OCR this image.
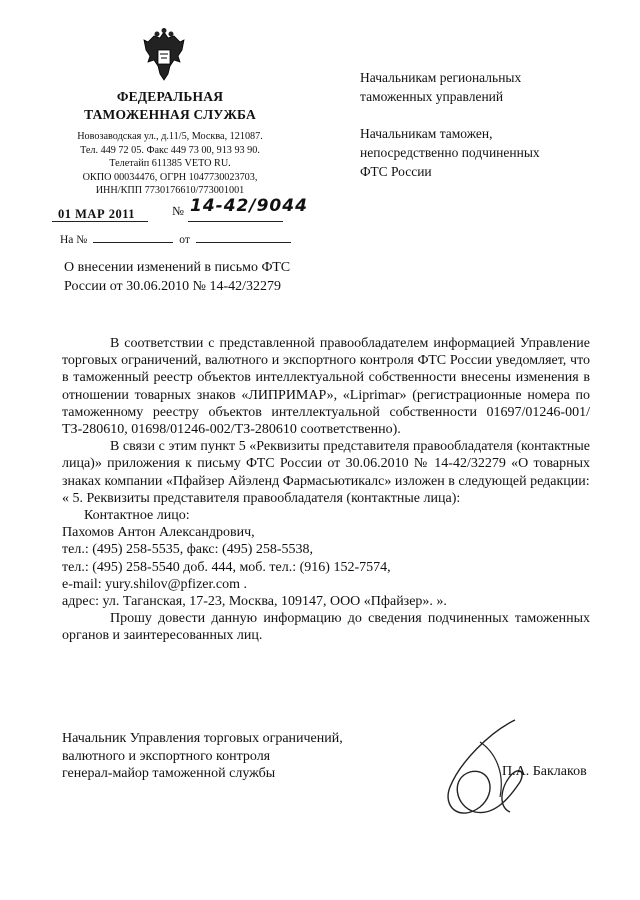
ФЕДЕРАЛЬНАЯ
ТАМОЖЕННАЯ СЛУЖБА
Новозаводская ул., д.11/5, Москва, 121087.
Тел. 449 72 05. Факс 449 73 00, 913 93 90.
Телетайп 611385 VETO RU.
ОКПО 00034476, ОГРН 1047730023703,
ИНН/КПП 7730176610/773001001
01 МАР 2011	№ 14-42/9044
На №	от
Начальникам региональных
таможенных управлений
Начальникам таможен,
непосредственно подчиненных
ФТС России
О внесении изменений в письмо ФТС
России от 30.06.2010 № 14-42/32279

В соответствии с представленной правообладателем информацией Управление торговых ограничений, валютного и экспортного контроля ФТС России уведомляет, что в таможенный реестр объектов интеллектуальной собственности внесены изменения в отношении товарных знаков «ЛИПРИМАР», «Liprimar» (регистрационные номера по таможенному реестру объектов интеллектуальной собственности 01697/01246-001/ТЗ-280610, 01698/01246-002/ТЗ-280610 соответственно).

В связи с этим пункт 5 «Реквизиты представителя правообладателя (контактные лица)» приложения к письму ФТС России от 30.06.2010 № 14-42/32279 «О товарных знаках компании «Пфайзер Айэленд Фармасьютикалс» изложен в следующей редакции:

« 5. Реквизиты представителя правообладателя (контактные лица):
Контактное лицо:
Пахомов Антон Александрович,
тел.: (495) 258-5535, факс: (495) 258-5538,
тел.: (495) 258-5540 доб. 444, моб. тел.: (916) 152-7574,
e-mail: yury.shilov@pfizer.com .
адрес: ул. Таганская, 17-23, Москва, 109147, ООО «Пфайзер». ».

Прошу довести данную информацию до сведения подчиненных таможенных органов и заинтересованных лиц.

Начальник Управления торговых ограничений,
валютного и экспортного контроля
генерал-майор таможенной службы	П.А. Баклаков
